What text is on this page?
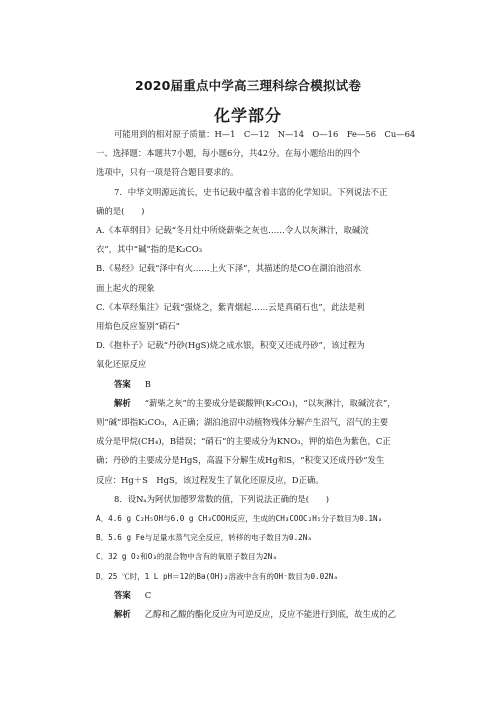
2020届重点中学高三理科综合模拟试卷
化学部分
可能用到的相对原子质量：H—1　C—12　N—14　O—16　Fe—56　Cu—64
一、选择题：本题共7小题，每小题6分，共42分。在每小题给出的四个
选项中，只有一项是符合题目要求的。
7．中华文明源远流长，史书记载中蕴含着丰富的化学知识。下列说法不正
确的是(　　)
A.《本草纲目》记载“冬月灶中所烧薪柴之灰也……令人以灰淋汁，取碱浣
衣”，其中“碱”指的是K₂CO₃
B.《易经》记载“泽中有火……上火下泽”，其描述的是CO在湖泊池沼水
面上起火的现象
C.《本草经集注》记载“强烧之，紫青烟起……云是真硝石也”，此法是利
用焰色反应鉴别“硝石”
D.《抱朴子》记载“丹砂(HgS)烧之成水银，积变又还成丹砂”，该过程为
氧化还原反应
答案 B
解析 “薪柴之灰”的主要成分是碳酸钾(K₂CO₃)，“以灰淋汁，取碱浣衣”，
则“碱”即指K₂CO₃，A正确；湖泊池沼中动植物残体分解产生沼气，沼气的主要
成分是甲烷(CH₄)，B错误；“硝石”的主要成分为KNO₃，钾的焰色为紫色，C正
确；丹砂的主要成分是HgS，高温下分解生成Hg和S，“积变又还成丹砂”发生
反应：Hg＋S　HgS，该过程发生了氧化还原反应，D正确。
8．设Nₐ为阿伏加德罗常数的值，下列说法正确的是(　　)
A．4.6 g C₂H₅OH与6.0 g CH₃COOH反应，生成的CH₃COOC₂H₅分子数目为0.1Nₐ
B．5.6 g Fe与足量水蒸气完全反应，转移的电子数目为0.2Nₐ
C．32 g O₂和O₃的混合物中含有的氧原子数目为2Nₐ
D．25 ℃时，1 L pH＝12的Ba(OH)₂溶液中含有的OH⁻数目为0.02Nₐ
答案 C
解析 乙醇和乙酸的酯化反应为可逆反应，反应不能进行到底，故生成的乙
